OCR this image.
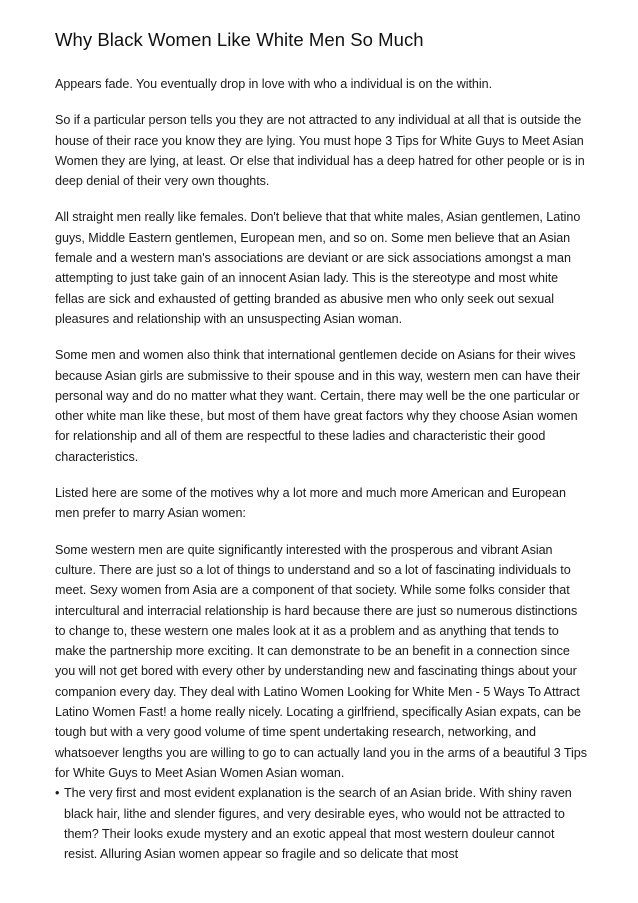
Why Black Women Like White Men So Much

Appears fade. You eventually drop in love with who a individual is on the within.

So if a particular person tells you they are not attracted to any individual at all that is outside the house of their race you know they are lying. You must hope 3 Tips for White Guys to Meet Asian Women they are lying, at least. Or else that individual has a deep hatred for other people or is in deep denial of their very own thoughts.

All straight men really like females. Don't believe that that white males, Asian gentlemen, Latino guys, Middle Eastern gentlemen, European men, and so on. Some men believe that an Asian female and a western man's associations are deviant or are sick associations amongst a man attempting to just take gain of an innocent Asian lady. This is the stereotype and most white fellas are sick and exhausted of getting branded as abusive men who only seek out sexual pleasures and relationship with an unsuspecting Asian woman.

Some men and women also think that international gentlemen decide on Asians for their wives because Asian girls are submissive to their spouse and in this way, western men can have their personal way and do no matter what they want. Certain, there may well be the one particular or other white man like these, but most of them have great factors why they choose Asian women for relationship and all of them are respectful to these ladies and characteristic their good characteristics.

Listed here are some of the motives why a lot more and much more American and European men prefer to marry Asian women:

Some western men are quite significantly interested with the prosperous and vibrant Asian culture. There are just so a lot of things to understand and so a lot of fascinating individuals to meet. Sexy women from Asia are a component of that society. While some folks consider that intercultural and interracial relationship is hard because there are just so numerous distinctions to change to, these western one males look at it as a problem and as anything that tends to make the partnership more exciting. It can demonstrate to be an benefit in a connection since you will not get bored with every other by understanding new and fascinating things about your companion every day. They deal with Latino Women Looking for White Men - 5 Ways To Attract Latino Women Fast! a home really nicely. Locating a girlfriend, specifically Asian expats, can be tough but with a very good volume of time spent undertaking research, networking, and whatsoever lengths you are willing to go to can actually land you in the arms of a beautiful 3 Tips for White Guys to Meet Asian Women Asian woman.

• The very first and most evident explanation is the search of an Asian bride. With shiny raven black hair, lithe and slender figures, and very desirable eyes, who would not be attracted to them? Their looks exude mystery and an exotic appeal that most western douleur cannot resist. Alluring Asian women appear so fragile and so delicate that most
